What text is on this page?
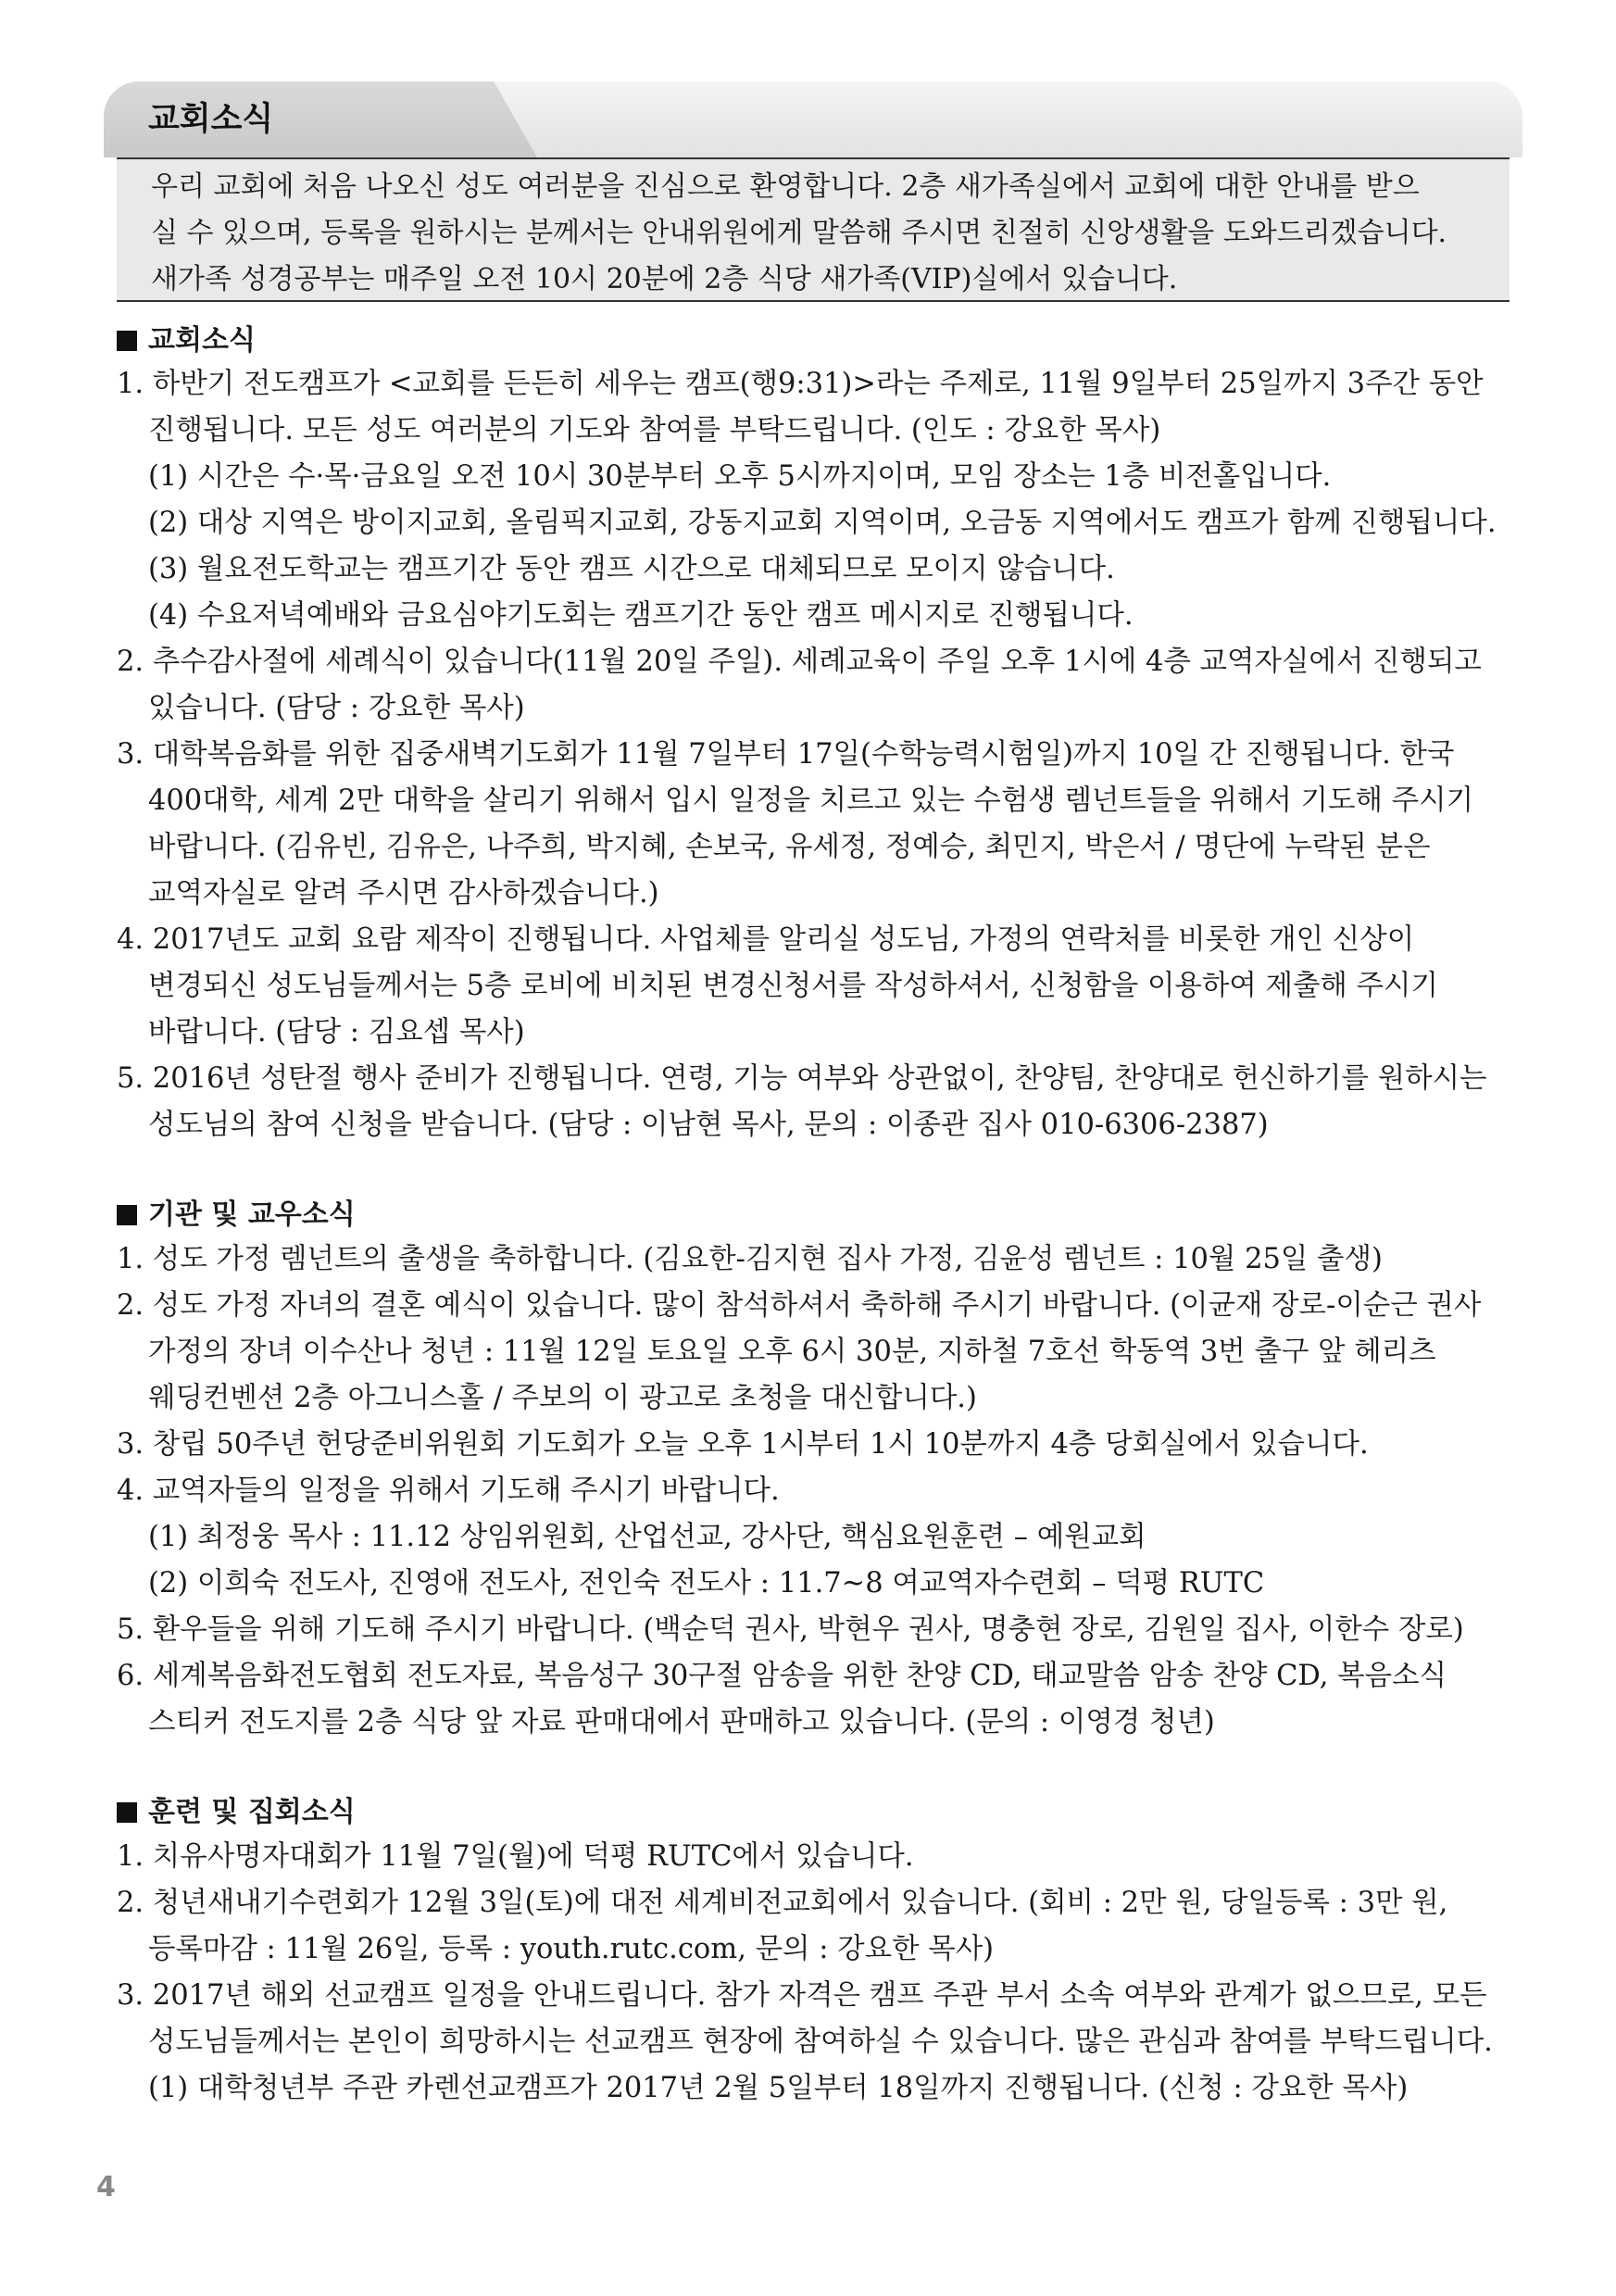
교회소식
우리 교회에 처음 나오신 성도 여러분을 진심으로 환영합니다. 2층 새가족실에서 교회에 대한 안내를 받으
실 수 있으며, 등록을 원하시는 분께서는 안내위원에게 말씀해 주시면 친절히 신앙생활을 도와드리겠습니다.
새가족 성경공부는 매주일 오전 10시 20분에 2층 식당 새가족(VIP)실에서 있습니다.
교회소식
1. 하반기 전도캠프가 <교회를 든든히 세우는 캠프(행9:31)>라는 주제로, 11월 9일부터 25일까지 3주간 동안
진행됩니다. 모든 성도 여러분의 기도와 참여를 부탁드립니다. (인도 : 강요한 목사)
(1) 시간은 수·목·금요일 오전 10시 30분부터 오후 5시까지이며, 모임 장소는 1층 비전홀입니다.
(2) 대상 지역은 방이지교회, 올림픽지교회, 강동지교회 지역이며, 오금동 지역에서도 캠프가 함께 진행됩니다.
(3) 월요전도학교는 캠프기간 동안 캠프 시간으로 대체되므로 모이지 않습니다.
(4) 수요저녁예배와 금요심야기도회는 캠프기간 동안 캠프 메시지로 진행됩니다.
2. 추수감사절에 세례식이 있습니다(11월 20일 주일). 세례교육이 주일 오후 1시에 4층 교역자실에서 진행되고
있습니다. (담당 : 강요한 목사)
3. 대학복음화를 위한 집중새벽기도회가 11월 7일부터 17일(수학능력시험일)까지 10일 간 진행됩니다. 한국
400대학, 세계 2만 대학을 살리기 위해서 입시 일정을 치르고 있는 수험생 렘넌트들을 위해서 기도해 주시기
바랍니다. (김유빈, 김유은, 나주희, 박지혜, 손보국, 유세정, 정예승, 최민지, 박은서 / 명단에 누락된 분은
교역자실로 알려 주시면 감사하겠습니다.)
4. 2017년도 교회 요람 제작이 진행됩니다. 사업체를 알리실 성도님, 가정의 연락처를 비롯한 개인 신상이
변경되신 성도님들께서는 5층 로비에 비치된 변경신청서를 작성하셔서, 신청함을 이용하여 제출해 주시기
바랍니다. (담당 : 김요셉 목사)
5. 2016년 성탄절 행사 준비가 진행됩니다. 연령, 기능 여부와 상관없이, 찬양팀, 찬양대로 헌신하기를 원하시는
성도님의 참여 신청을 받습니다. (담당 : 이남현 목사, 문의 : 이종관 집사 010-6306-2387)
기관 및 교우소식
1. 성도 가정 렘넌트의 출생을 축하합니다. (김요한-김지현 집사 가정, 김윤성 렘넌트 : 10월 25일 출생)
2. 성도 가정 자녀의 결혼 예식이 있습니다. 많이 참석하셔서 축하해 주시기 바랍니다. (이균재 장로-이순근 권사
가정의 장녀 이수산나 청년 : 11월 12일 토요일 오후 6시 30분, 지하철 7호선 학동역 3번 출구 앞 헤리츠
웨딩컨벤션 2층 아그니스홀 / 주보의 이 광고로 초청을 대신합니다.)
3. 창립 50주년 헌당준비위원회 기도회가 오늘 오후 1시부터 1시 10분까지 4층 당회실에서 있습니다.
4. 교역자들의 일정을 위해서 기도해 주시기 바랍니다.
(1) 최정웅 목사 : 11.12 상임위원회, 산업선교, 강사단, 핵심요원훈련 – 예원교회
(2) 이희숙 전도사, 진영애 전도사, 전인숙 전도사 : 11.7~8 여교역자수련회 – 덕평 RUTC
5. 환우들을 위해 기도해 주시기 바랍니다. (백순덕 권사, 박현우 권사, 명충현 장로, 김원일 집사, 이한수 장로)
6. 세계복음화전도협회 전도자료, 복음성구 30구절 암송을 위한 찬양 CD, 태교말씀 암송 찬양 CD, 복음소식
스티커 전도지를 2층 식당 앞 자료 판매대에서 판매하고 있습니다. (문의 : 이영경 청년)
훈련 및 집회소식
1. 치유사명자대회가 11월 7일(월)에 덕평 RUTC에서 있습니다.
2. 청년새내기수련회가 12월 3일(토)에 대전 세계비전교회에서 있습니다. (회비 : 2만 원, 당일등록 : 3만 원,
등록마감 : 11월 26일, 등록 : youth.rutc.com, 문의 : 강요한 목사)
3. 2017년 해외 선교캠프 일정을 안내드립니다. 참가 자격은 캠프 주관 부서 소속 여부와 관계가 없으므로, 모든
성도님들께서는 본인이 희망하시는 선교캠프 현장에 참여하실 수 있습니다. 많은 관심과 참여를 부탁드립니다.
(1) 대학청년부 주관 카렌선교캠프가 2017년 2월 5일부터 18일까지 진행됩니다. (신청 : 강요한 목사)
4
